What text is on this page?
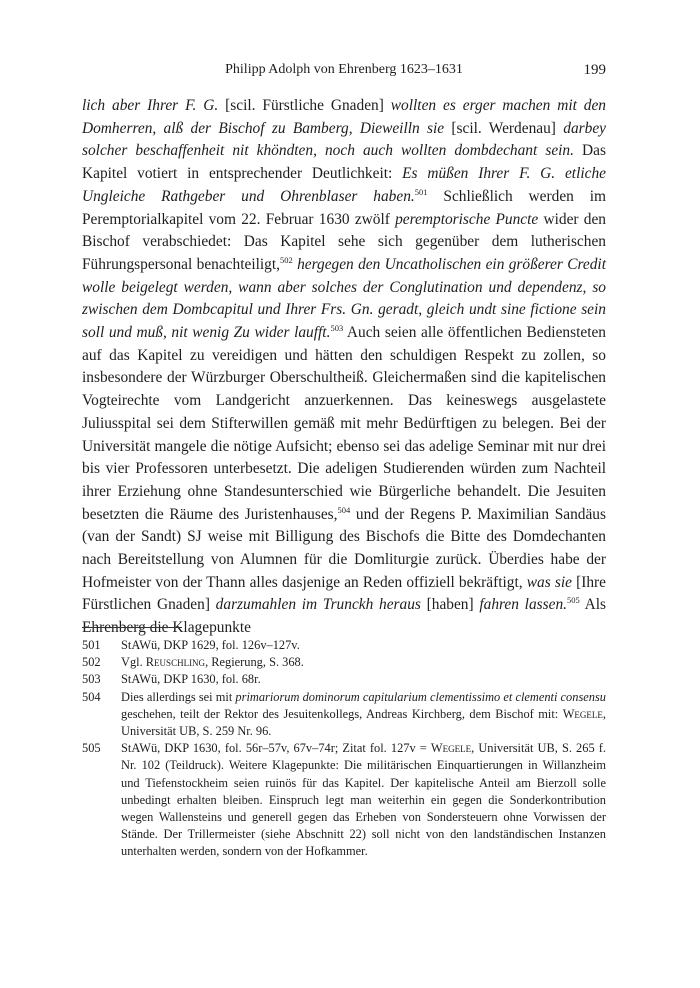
Philipp Adolph von Ehrenberg 1623–1631	199

lich aber Ihrer F. G. [scil. Fürstliche Gnaden] wollten es erger machen mit den Domherren, alß der Bischof zu Bamberg, Dieweilln sie [scil. Werdenau] darbey solcher beschaffenheit nit khöndten, noch auch wollten dombdechant sein. Das Kapitel votiert in entsprechender Deutlichkeit: Es müßen Ihrer F. G. etliche Ungleiche Rathgeber und Ohrenblaser haben.$^{501}$ Schließlich werden im Peremptorialkapitel vom 22. Februar 1630 zwölf peremptorische Puncte wider den Bischof verabschiedet: Das Kapitel sehe sich gegenüber dem lutherischen Führungspersonal benachteiligt,$^{502}$ hergegen den Uncatholischen ein größerer Credit wolle beigelegt werden, wann aber solches der Conglutination und dependenz, so zwischen dem Dombcapitul und Ihrer Frs. Gn. geradt, gleich undt sine fictione sein soll und muß, nit wenig Zu wider laufft.$^{503}$ Auch seien alle öffentlichen Bediensteten auf das Kapitel zu vereidigen und hätten den schuldigen Respekt zu zollen, so insbesondere der Würzburger Oberschultheiß. Gleichermaßen sind die kapitelischen Vogteirechte vom Landgericht anzuerkennen. Das keineswegs ausgelastete Juliusspital sei dem Stifterwillen gemäß mit mehr Bedürftigen zu belegen. Bei der Universität mangele die nötige Aufsicht; ebenso sei das adelige Seminar mit nur drei bis vier Professoren unterbesetzt. Die adeligen Studierenden würden zum Nachteil ihrer Erziehung ohne Standesunterschied wie Bürgerliche behandelt. Die Jesuiten besetzten die Räume des Juristenhauses,$^{504}$ und der Regens P. Maximilian Sandäus (van der Sandt) SJ weise mit Billigung des Bischofs die Bitte des Domdechanten nach Bereitstellung von Alumnen für die Domliturgie zurück. Überdies habe der Hofmeister von der Thann alles dasjenige an Reden offiziell bekräftigt, was sie [Ihre Fürstlichen Gnaden] darzumahlen im Trunckh heraus [haben] fahren lassen.$^{505}$ Als Ehrenberg die Klagepunkte

501 StAWü, DKP 1629, fol. 126v–127v.
502 Vgl. Reuschling, Regierung, S. 368.
503 StAWü, DKP 1630, fol. 68r.
504 Dies allerdings sei mit primariorum dominorum capitularium clementissimo et clementi consensu geschehen, teilt der Rektor des Jesuitenkollegs, Andreas Kirchberg, dem Bischof mit: Wegele, Universität UB, S. 259 Nr. 96.
505 StAWü, DKP 1630, fol. 56r–57v, 67v–74r; Zitat fol. 127v = Wegele, Universität UB, S. 265 f. Nr. 102 (Teildruck). Weitere Klagepunkte: Die militärischen Einquartierungen in Willanzheim und Tiefenstockheim seien ruinös für das Kapitel. Der kapitelische Anteil am Bierzoll solle unbedingt erhalten bleiben. Einspruch legt man weiterhin ein gegen die Sonderkontribution wegen Wallensteins und generell gegen das Erheben von Sondersteuern ohne Vorwissen der Stände. Der Trillermeister (siehe Abschnitt 22) soll nicht von den landständischen Instanzen unterhalten werden, sondern von der Hofkammer.
